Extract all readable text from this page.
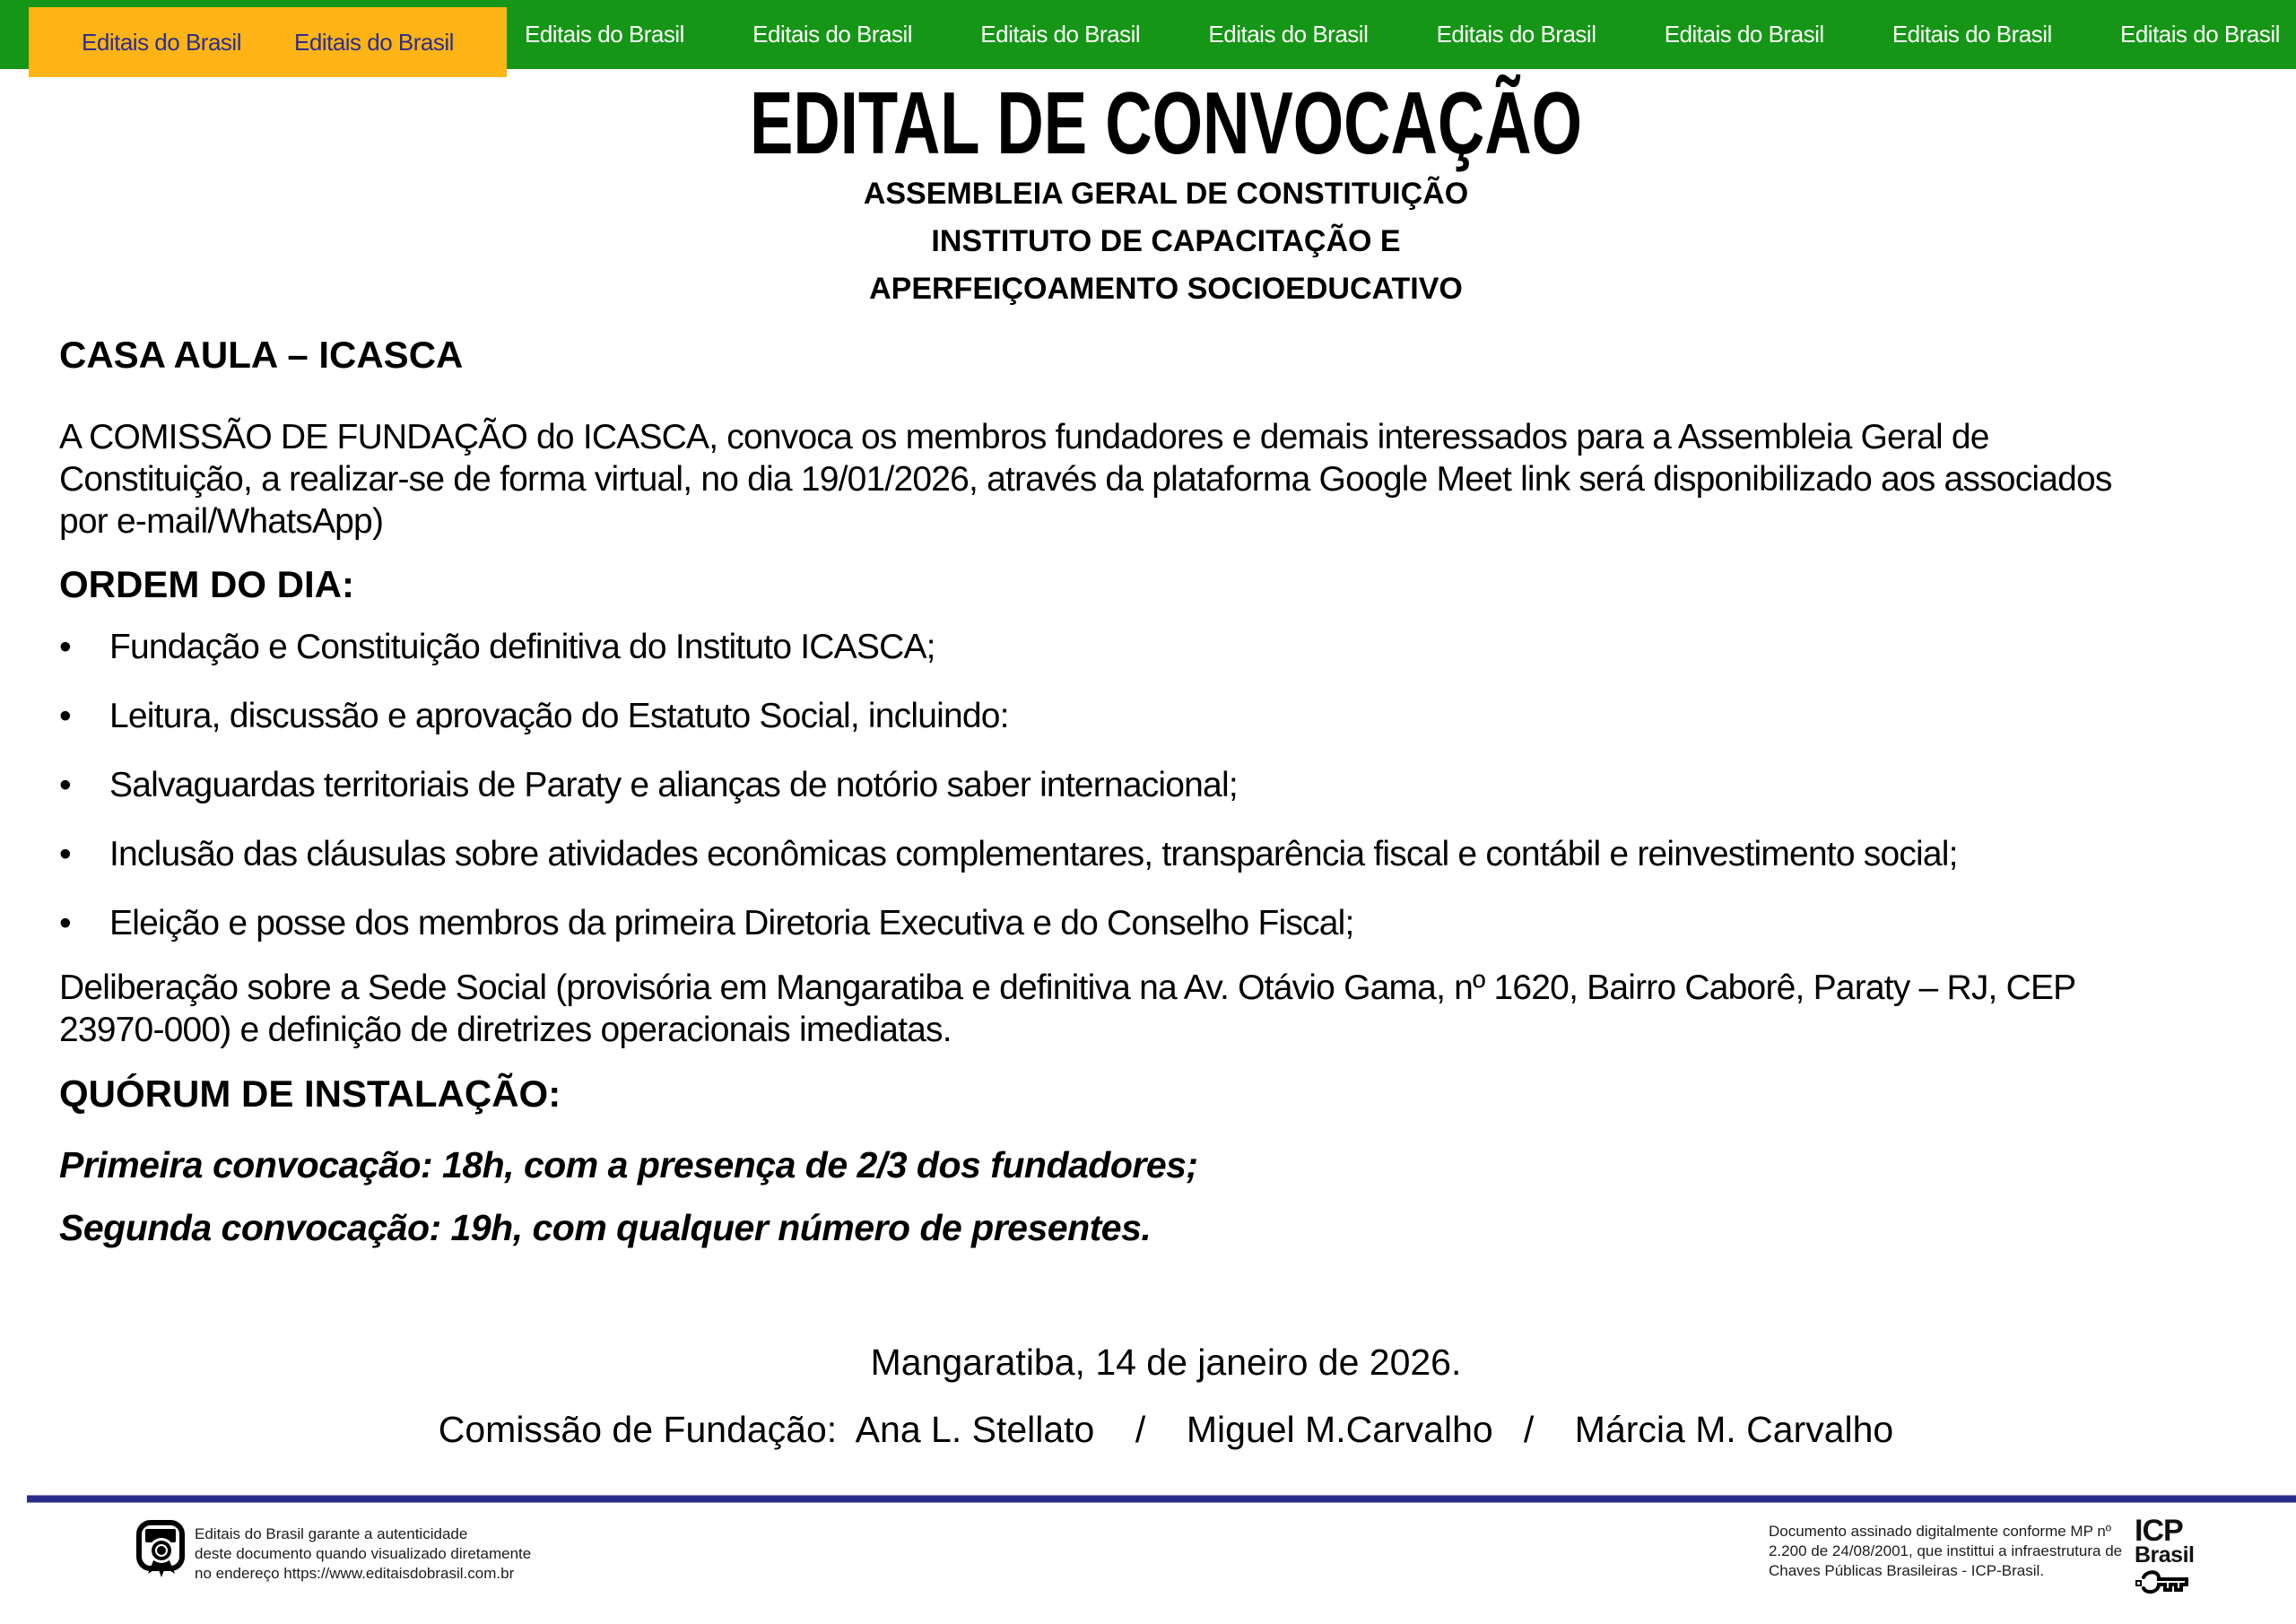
Editais do Brasil	Editais do Brasil	Editais do Brasil	Editais do Brasil	Editais do Brasil	Editais do Brasil	Editais do Brasil	Editais do Brasil
Editais do Brasil Editais do Brasil
EDITAL DE CONVOCAÇÃO
ASSEMBLEIA GERAL DE CONSTITUIÇÃO
INSTITUTO DE CAPACITAÇÃO E
APERFEIÇOAMENTO SOCIOEDUCATIVO
CASA AULA – ICASCA
A COMISSÃO DE FUNDAÇÃO do ICASCA, convoca os membros fundadores e demais interessados para a Assembleia Geral de
Constituição, a realizar-se de forma virtual, no dia 19/01/2026, através da plataforma Google Meet link será disponibilizado aos associados
por e-mail/WhatsApp)
ORDEM DO DIA:
• Fundação e Constituição definitiva do Instituto ICASCA;
• Leitura, discussão e aprovação do Estatuto Social, incluindo:
• Salvaguardas territoriais de Paraty e alianças de notório saber internacional;
• Inclusão das cláusulas sobre atividades econômicas complementares, transparência fiscal e contábil e reinvestimento social;
• Eleição e posse dos membros da primeira Diretoria Executiva e do Conselho Fiscal;
Deliberação sobre a Sede Social (provisória em Mangaratiba e definitiva na Av. Otávio Gama, nº 1620, Bairro Caborê, Paraty – RJ, CEP
23970-000) e definição de diretrizes operacionais imediatas.
QUÓRUM DE INSTALAÇÃO:

Primeira convocação: 18h, com a presença de 2/3 dos fundadores;

Segunda convocação: 19h, com qualquer número de presentes.

Mangaratiba, 14 de janeiro de 2026.
Comissão de Fundação:  Ana L. Stellato    /    Miguel M.Carvalho   /    Márcia M. Carvalho
Editais do Brasil garante a autenticidade
deste documento quando visualizado diretamente
no endereço https://www.editaisdobrasil.com.br
Documento assinado digitalmente conforme MP nº
2.200 de 24/08/2001, que instittui a infraestrutura de
Chaves Públicas Brasileiras - ICP-Brasil.
ICP
Brasil
